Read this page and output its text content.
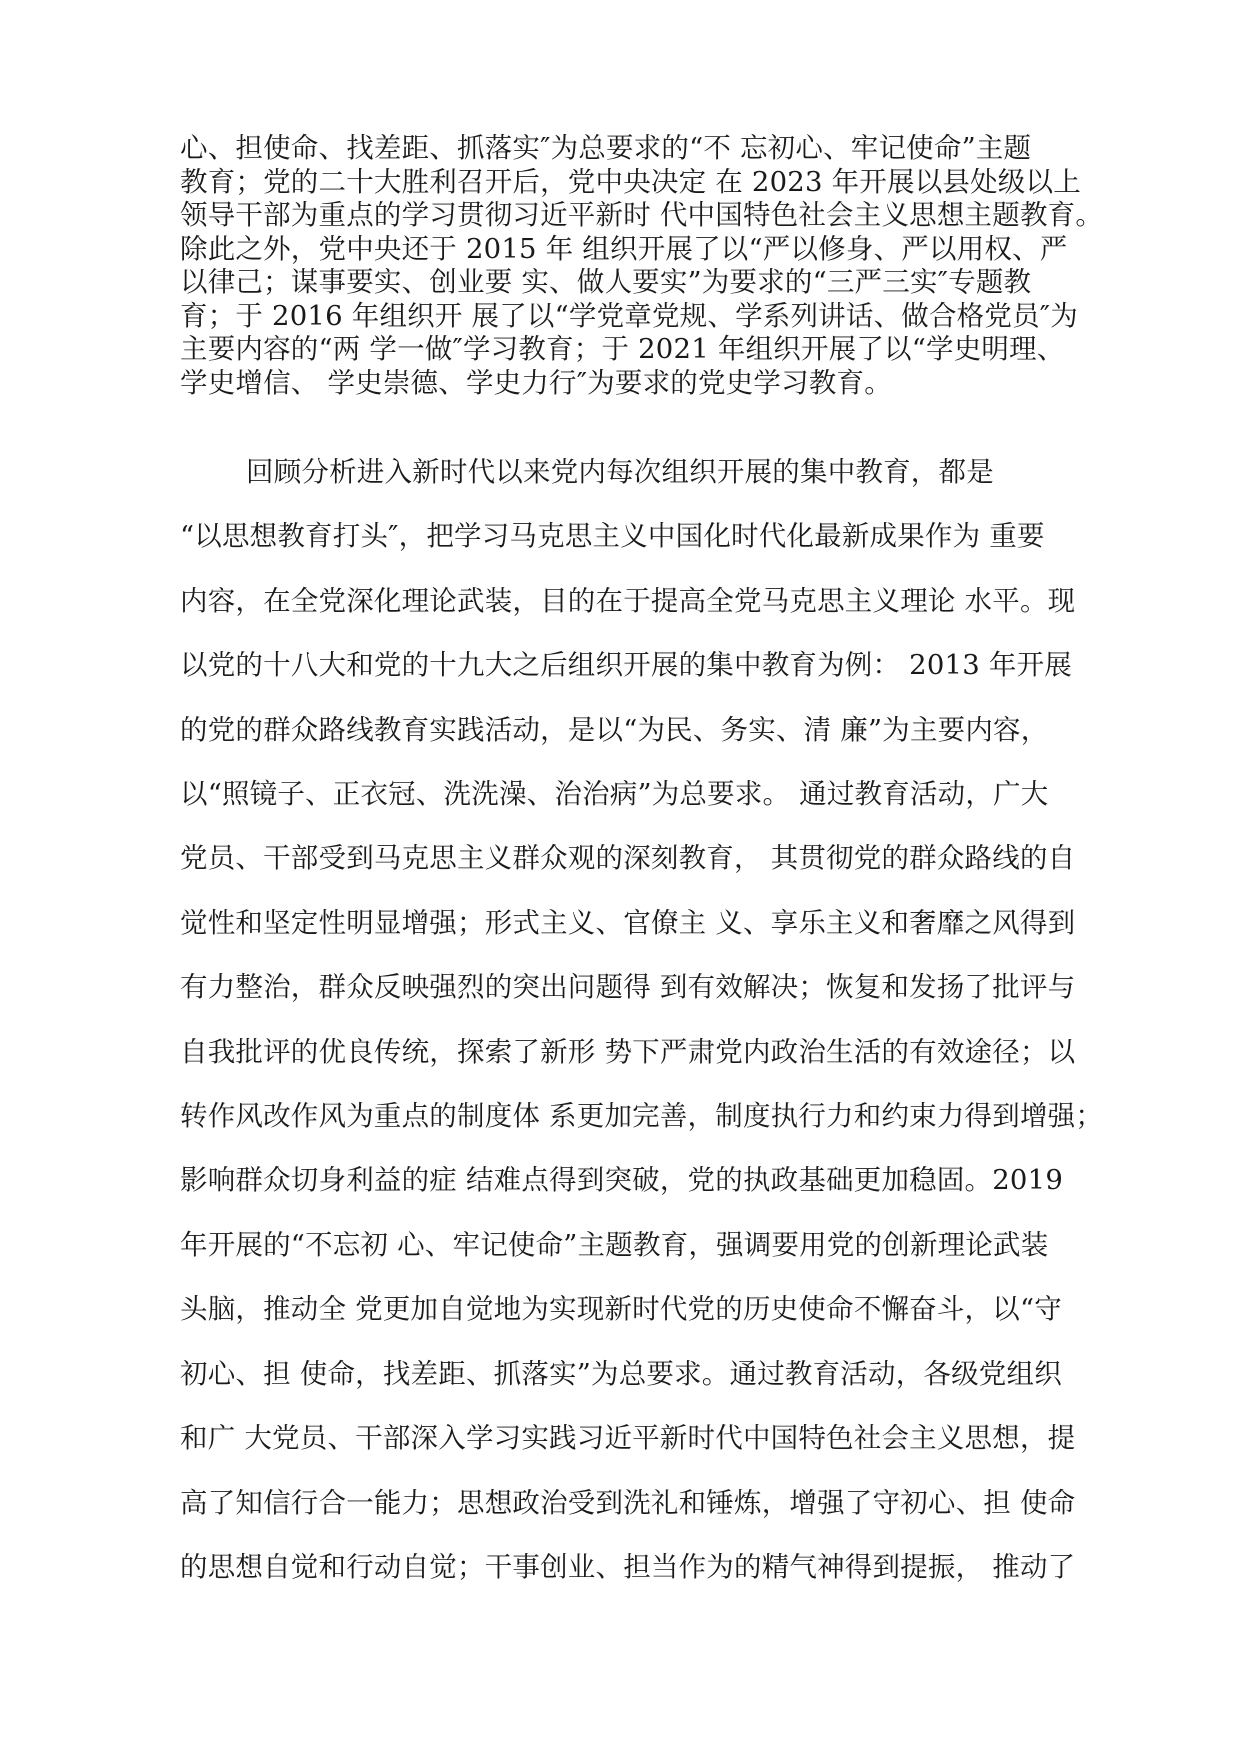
心、担使命、找差距、抓落实″为总要求的“不 忘初心、牢记使命”主题
教育；党的二十大胜利召开后，党中央决定 在 2023 年开展以县处级以上
领导干部为重点的学习贯彻习近平新时 代中国特色社会主义思想主题教育。
除此之外，党中央还于 2015 年 组织开展了以“严以修身、严以用权、严
以律己；谋事要实、创业要 实、做人要实”为要求的“三严三实″专题教
育；于 2016 年组织开 展了以“学党章党规、学系列讲话、做合格党员″为
主要内容的“两 学一做″学习教育；于 2021 年组织开展了以“学史明理、
学史增信、 学史崇德、学史力行″为要求的党史学习教育。
回顾分析进入新时代以来党内每次组织开展的集中教育，都是
“以思想教育打头″，把学习马克思主义中国化时代化最新成果作为 重要
内容，在全党深化理论武装，目的在于提高全党马克思主义理论 水平。现
以党的十八大和党的十九大之后组织开展的集中教育为例： 2013 年开展
的党的群众路线教育实践活动，是以“为民、务实、清 廉”为主要内容，
以“照镜子、正衣冠、洗洗澡、治治病”为总要求。 通过教育活动，广大
党员、干部受到马克思主义群众观的深刻教育， 其贯彻党的群众路线的自
觉性和坚定性明显增强；形式主义、官僚主 义、享乐主义和奢靡之风得到
有力整治，群众反映强烈的突出问题得 到有效解决；恢复和发扬了批评与
自我批评的优良传统，探索了新形 势下严肃党内政治生活的有效途径；以
转作风改作风为重点的制度体 系更加完善，制度执行力和约束力得到增强；
影响群众切身利益的症 结难点得到突破，党的执政基础更加稳固。2019
年开展的“不忘初 心、牢记使命”主题教育，强调要用党的创新理论武装
头脑，推动全 党更加自觉地为实现新时代党的历史使命不懈奋斗，以“守
初心、担 使命，找差距、抓落实”为总要求。通过教育活动，各级党组织
和广 大党员、干部深入学习实践习近平新时代中国特色社会主义思想，提
高了知信行合一能力；思想政治受到洗礼和锤炼，增强了守初心、担 使命
的思想自觉和行动自觉；干事创业、担当作为的精气神得到提振， 推动了
